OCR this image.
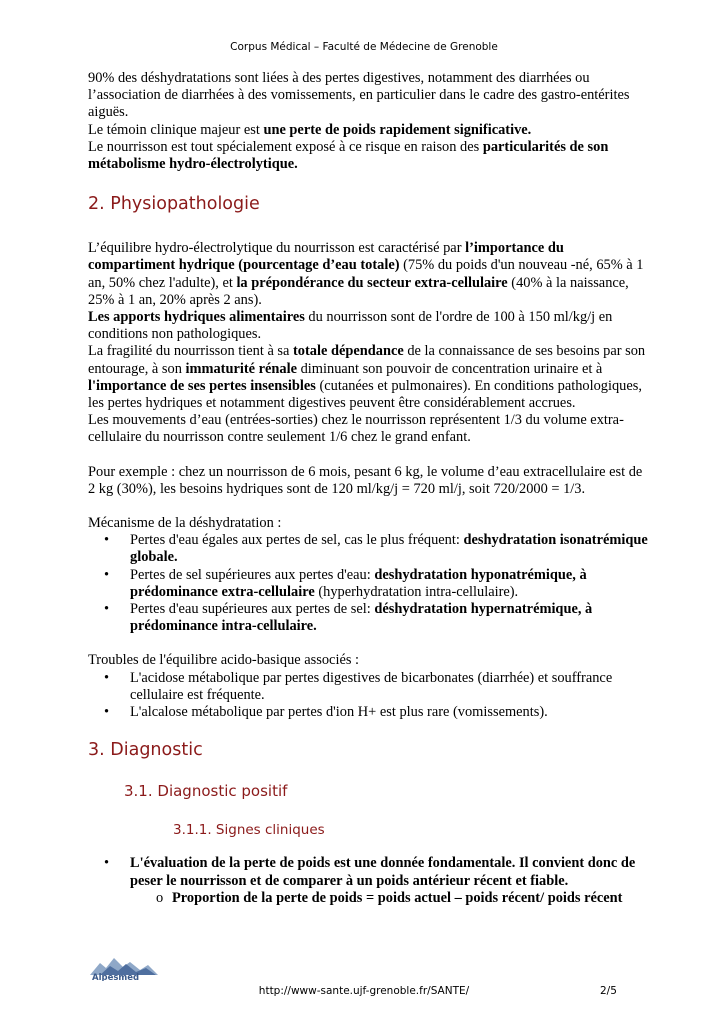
Corpus Médical – Faculté de Médecine de Grenoble

90% des déshydratations sont liées à des pertes digestives, notamment des diarrhées ou l’association de diarrhées à des vomissements, en particulier dans le cadre des gastro-entérites aiguës.

Le témoin clinique majeur est une perte de poids rapidement significative.

Le nourrisson est tout spécialement exposé à ce risque en raison des particularités de son métabolisme hydro-électrolytique.

2. Physiopathologie

L’équilibre hydro-électrolytique du nourrisson est caractérisé par l’importance du compartiment hydrique (pourcentage d’eau totale) (75% du poids d'un nouveau -né, 65% à 1 an, 50% chez l'adulte), et la prépondérance du secteur extra-cellulaire (40% à la naissance, 25% à 1 an, 20% après 2 ans).

Les apports hydriques alimentaires du nourrisson sont de l'ordre de 100 à 150 ml/kg/j en conditions non pathologiques.

La fragilité du nourrisson tient à sa totale dépendance de la connaissance de ses besoins par son entourage, à son immaturité rénale diminuant son pouvoir de concentration urinaire et à l'importance de ses pertes insensibles (cutanées et pulmonaires). En conditions pathologiques, les pertes hydriques et notamment digestives peuvent être considérablement accrues.

Les mouvements d’eau (entrées-sorties) chez le nourrisson représentent 1/3 du volume extra-cellulaire du nourrisson contre seulement 1/6 chez le grand enfant.

Pour exemple : chez un nourrisson de 6 mois, pesant 6 kg, le volume d’eau extracellulaire est de 2 kg (30%), les besoins hydriques sont de 120 ml/kg/j = 720 ml/j, soit 720/2000 = 1/3.

Mécanisme de la déshydratation :

• Pertes d'eau égales aux pertes de sel, cas le plus fréquent: deshydratation isonatrémique globale.
• Pertes de sel supérieures aux pertes d'eau: deshydratation hyponatrémique, à prédominance extra-cellulaire (hyperhydratation intra-cellulaire).
• Pertes d'eau supérieures aux pertes de sel: déshydratation hypernatrémique, à prédominance intra-cellulaire.

Troubles de l'équilibre acido-basique associés :

• L'acidose métabolique par pertes digestives de bicarbonates (diarrhée) et souffrance cellulaire est fréquente.
• L'alcalose métabolique par pertes d'ion H+ est plus rare (vomissements).
3. Diagnostic
3.1. Diagnostic positif
3.1.1. Signes cliniques
• L'évaluation de la perte de poids est une donnée fondamentale. Il convient donc de peser le nourrisson et de comparer à un poids antérieur récent et fiable.
o Proportion de la perte de poids = poids actuel – poids récent/ poids récent
Alpesmed
http://www-sante.ujf-grenoble.fr/SANTE/	2/5
